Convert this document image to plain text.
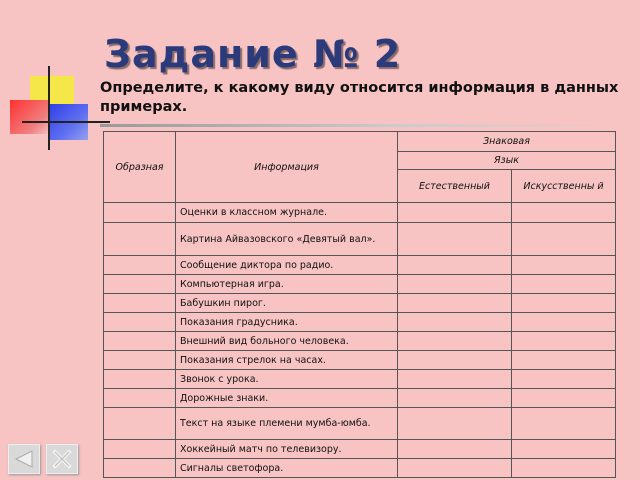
Задание № 2
Определите, к какому виду относится информация в данных примерах.
Образная	Информация	Знаковая	
		Язык	
		Естественный	Искусственны й
	Оценки в классном журнале.		
	Картина Айвазовского «Девятый вал».		
	Сообщение диктора по радио.		
	Компьютерная игра.		
	Бабушкин пирог.		
	Показания градусника.		
	Внешний вид больного человека.		
	Показания стрелок на часах.		
	Звонок с урока.		
	Дорожные знаки.		
	Текст на языке племени мумба-юмба.		
	Хоккейный матч по телевизору.		
	Сигналы светофора.		
